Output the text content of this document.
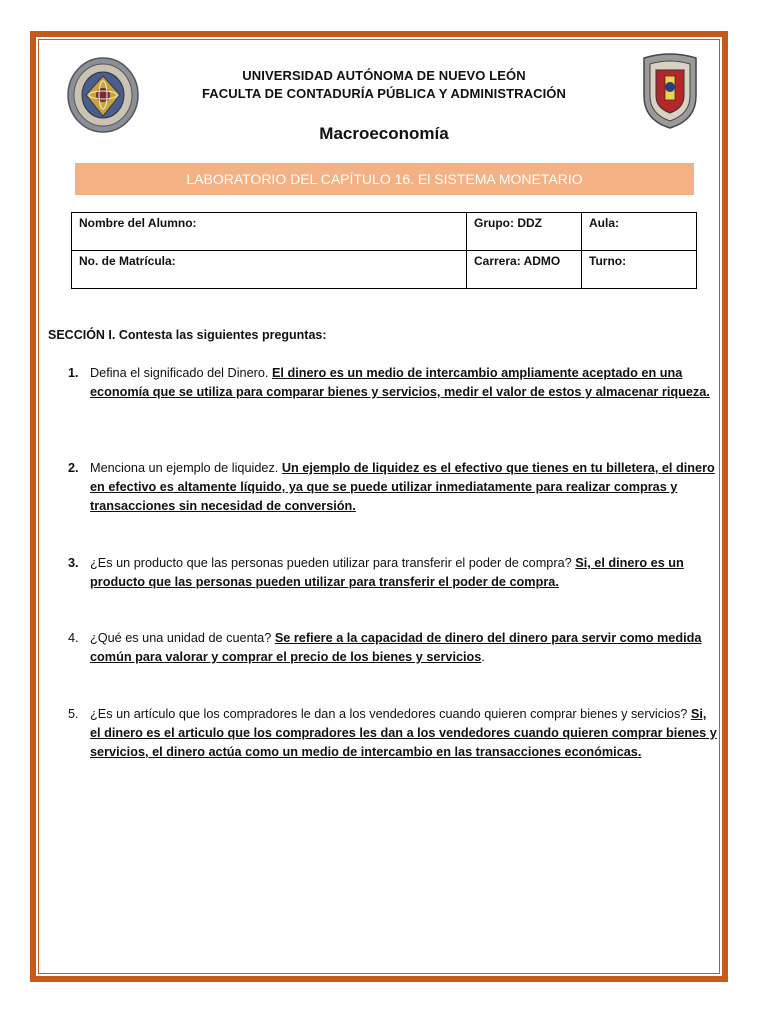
UNIVERSIDAD AUTÓNOMA DE NUEVO LEÓN
FACULTA DE CONTADURÍA PÚBLICA Y ADMINISTRACIÓN
Macroeconomía
LABORATORIO DEL CAPÍTULO 16. El SISTEMA MONETARIO
Nombre del Alumno:	Grupo: DDZ	Aula:
No. de Matrícula:	Carrera: ADMO	Turno:
SECCIÓN I. Contesta las siguientes preguntas:
1. Defina el significado del Dinero. El dinero es un medio de intercambio ampliamente aceptado en una economía que se utiliza para comparar bienes y servicios, medir el valor de estos y almacenar riqueza.
2. Menciona un ejemplo de liquidez. Un ejemplo de liquidez es el efectivo que tienes en tu billetera, el dinero en efectivo es altamente líquido, ya que se puede utilizar inmediatamente para realizar compras y transacciones sin necesidad de conversión.
3. ¿Es un producto que las personas pueden utilizar para transferir el poder de compra? Si, el dinero es un producto que las personas pueden utilizar para transferir el poder de compra.
4. ¿Qué es una unidad de cuenta? Se refiere a la capacidad de dinero del dinero para servir como medida común para valorar y comprar el precio de los bienes y servicios.
5. ¿Es un artículo que los compradores le dan a los vendedores cuando quieren comprar bienes y servicios? Si, el dinero es el articulo que los compradores les dan a los vendedores cuando quieren comprar bienes y servicios, el dinero actúa como un medio de intercambio en las transacciones económicas.
